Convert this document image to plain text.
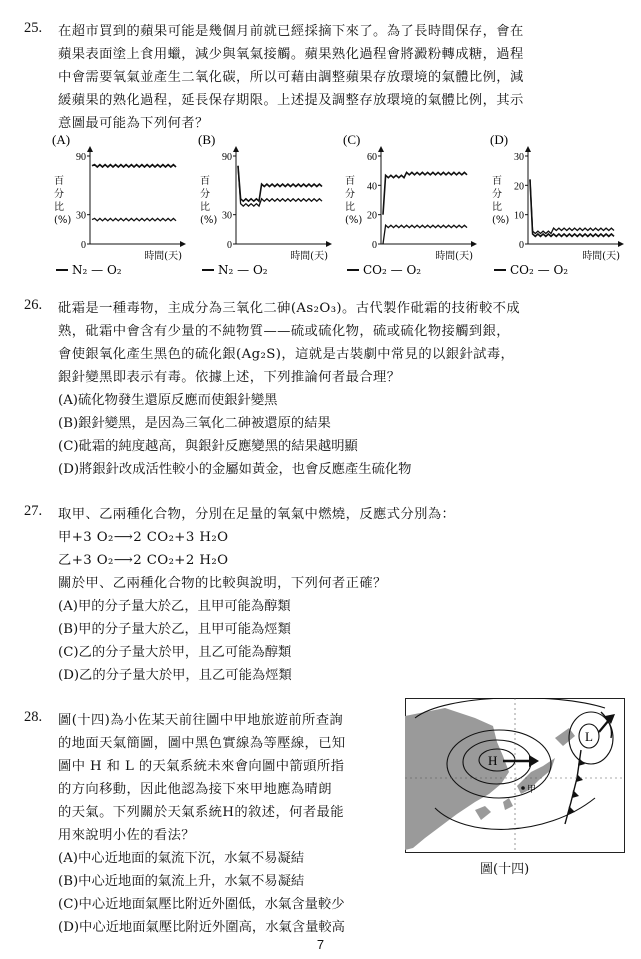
25. 在超市買到的蘋果可能是幾個月前就已經採摘下來了。為了長時間保存，會在
蘋果表面塗上食用蠟，減少與氧氣接觸。蘋果熟化過程會將澱粉轉成糖，過程
中會需要氧氣並產生二氧化碳，所以可藉由調整蘋果存放環境的氣體比例，減
緩蘋果的熟化過程，延長保存期限。上述提及調整存放環境的氣體比例，其示
意圖最可能為下列何者？
(A)
90
30
0
百
分
比
(%)
時間(天)
N₂ — O₂
(B)
90
30
0
百
分
比
(%)
時間(天)
N₂ — O₂
(C)
60
40
20
0
百
分
比
(%)
時間(天)
CO₂ — O₂
(D)
30
20
10
0
百
分
比
(%)
時間(天)
CO₂ — O₂
26. 砒霜是一種毒物，主成分為三氧化二砷(As₂O₃)。古代製作砒霜的技術較不成
熟，砒霜中會含有少量的不純物質——硫或硫化物，硫或硫化物接觸到銀，
會使銀氧化產生黑色的硫化銀(Ag₂S)，這就是古裝劇中常見的以銀針試毒，
銀針變黑即表示有毒。依據上述，下列推論何者最合理？
(A)硫化物發生還原反應而使銀針變黑
(B)銀針變黑，是因為三氧化二砷被還原的結果
(C)砒霜的純度越高，與銀針反應變黑的結果越明顯
(D)將銀針改成活性較小的金屬如黃金，也會反應產生硫化物
27. 取甲、乙兩種化合物，分別在足量的氧氣中燃燒，反應式分別為：
甲+3 O₂⟶2 CO₂+3 H₂O
乙+3 O₂⟶2 CO₂+2 H₂O
關於甲、乙兩種化合物的比較與說明，下列何者正確？
(A)甲的分子量大於乙，且甲可能為醇類
(B)甲的分子量大於乙，且甲可能為烴類
(C)乙的分子量大於甲，且乙可能為醇類
(D)乙的分子量大於甲，且乙可能為烴類
28. 圖(十四)為小佐某天前往圖中甲地旅遊前所查詢
的地面天氣簡圖，圖中黑色實線為等壓線，已知
圖中 H 和 L 的天氣系統未來會向圖中箭頭所指
的方向移動，因此他認為接下來甲地應為晴朗
的天氣。下列關於天氣系統H的敘述，何者最能
用來說明小佐的看法？
(A)中心近地面的氣流下沉，水氣不易凝結
(B)中心近地面的氣流上升，水氣不易凝結
(C)中心近地面氣壓比附近外圍低，水氣含量較少
(D)中心近地面氣壓比附近外圍高，水氣含量較高
H
L
甲
圖(十四)
7
